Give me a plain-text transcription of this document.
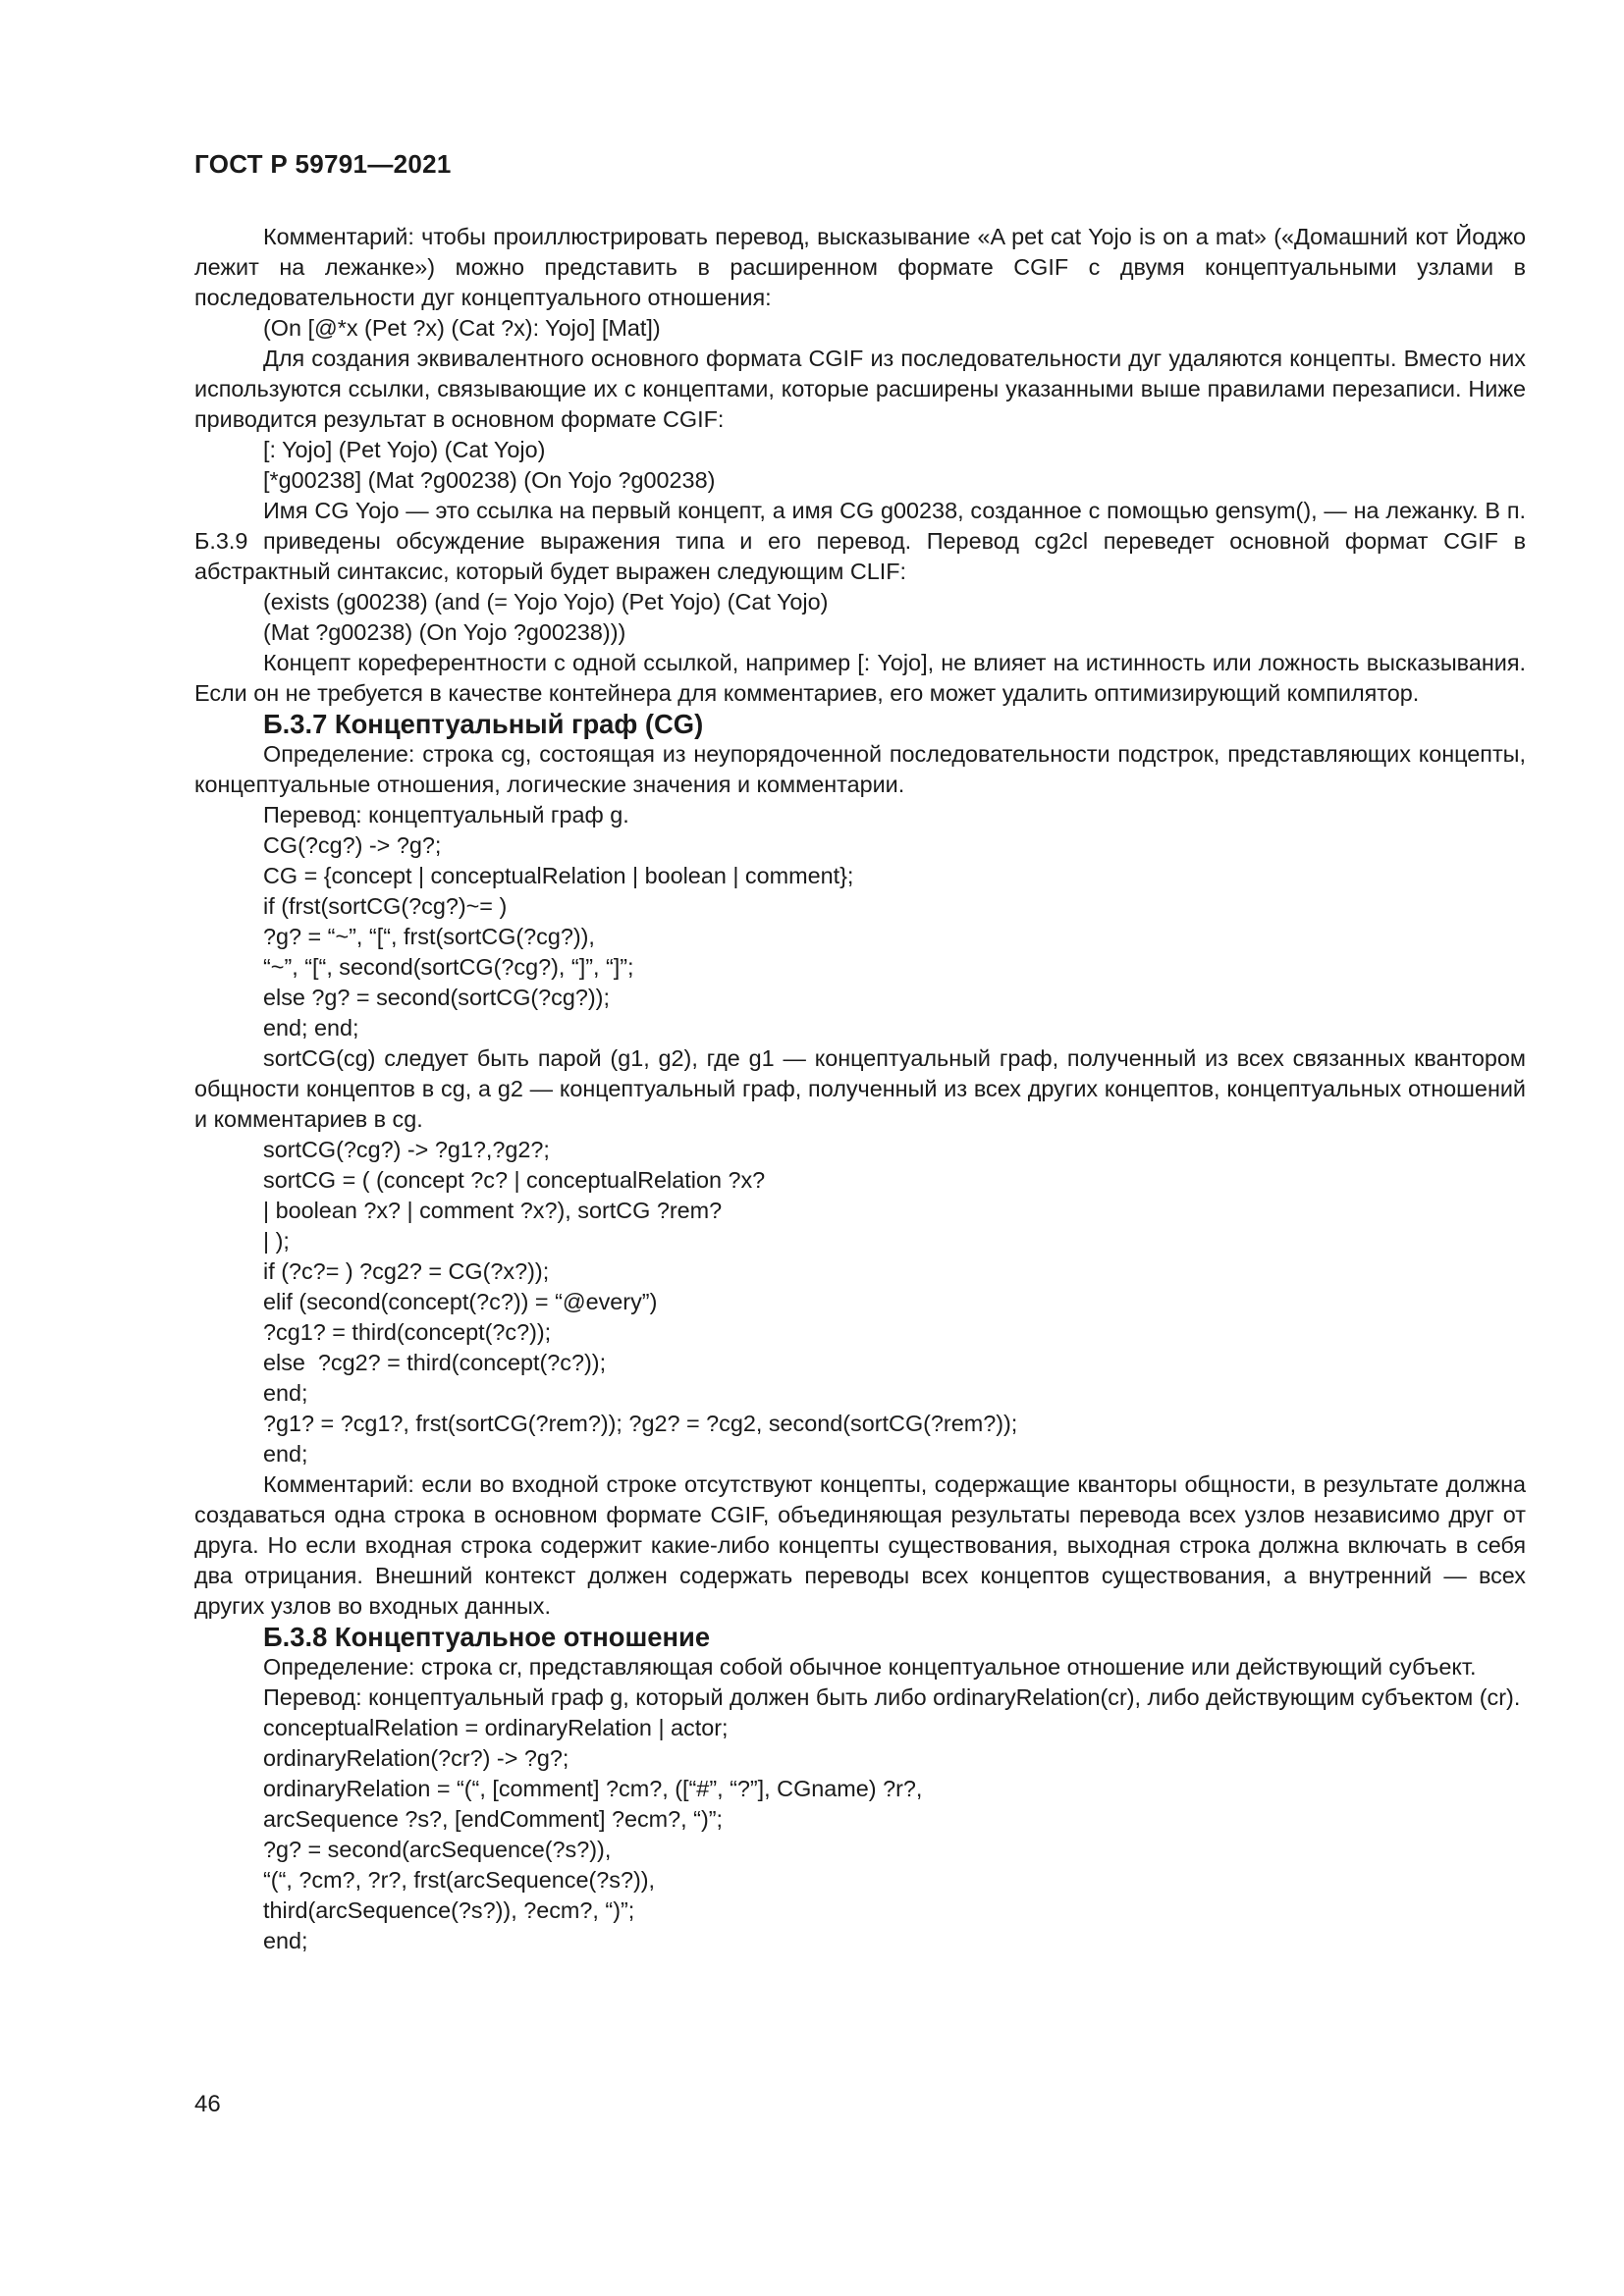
ГОСТ Р 59791—2021

Комментарий: чтобы проиллюстрировать перевод, высказывание «A pet cat Yojo is on a mat» («Домашний кот Йоджо лежит на лежанке») можно представить в расширенном формате CGIF с двумя концептуальными узлами в последовательности дуг концептуального отношения:

(On [@*x (Pet ?x) (Cat ?x): Yojo] [Mat])

Для создания эквивалентного основного формата CGIF из последовательности дуг удаляются концепты. Вместо них используются ссылки, связывающие их с концептами, которые расширены указанными выше правилами перезаписи. Ниже приводится результат в основном формате CGIF:

[: Yojo] (Pet Yojo) (Cat Yojo)

[*g00238] (Mat ?g00238) (On Yojo ?g00238)

Имя CG Yojo — это ссылка на первый концепт, а имя CG g00238, созданное с помощью gensym(), — на лежанку. В п. Б.3.9 приведены обсуждение выражения типа и его перевод. Перевод cg2cl переведет основной формат CGIF в абстрактный синтаксис, который будет выражен следующим CLIF:

(exists (g00238) (and (= Yojo Yojo) (Pet Yojo) (Cat Yojo)

(Mat ?g00238) (On Yojo ?g00238)))

Концепт кореферентности с одной ссылкой, например [: Yojo], не влияет на истинность или ложность высказывания. Если он не требуется в качестве контейнера для комментариев, его может удалить оптимизирующий компилятор.

Б.3.7 Концептуальный граф (CG)

Определение: строка cg, состоящая из неупорядоченной последовательности подстрок, представляющих концепты, концептуальные отношения, логические значения и комментарии.

Перевод: концептуальный граф g.

CG(?cg?) -> ?g?;

CG = {concept | conceptualRelation | boolean | comment};

if (frst(sortCG(?cg?)~= )

?g? = “~”, “[“, frst(sortCG(?cg?)),

“~”, “[“, second(sortCG(?cg?), “]”, “]”;

else ?g? = second(sortCG(?cg?));

end; end;

sortCG(cg) следует быть парой (g1, g2), где g1 — концептуальный граф, полученный из всех связанных квантором общности концептов в cg, а g2 — концептуальный граф, полученный из всех других концептов, концептуальных отношений и комментариев в cg.

sortCG(?cg?) -> ?g1?,?g2?;

sortCG = ( (concept ?c? | conceptualRelation ?x?

| boolean ?x? | comment ?x?), sortCG ?rem?

| );

if (?c?= ) ?cg2? = CG(?x?));

elif (second(concept(?c?)) = “@every”)

?cg1? = third(concept(?c?));

else  ?cg2? = third(concept(?c?));

end;

?g1? = ?cg1?, frst(sortCG(?rem?)); ?g2? = ?cg2, second(sortCG(?rem?));

end;

Комментарий: если во входной строке отсутствуют концепты, содержащие кванторы общности, в результате должна создаваться одна строка в основном формате CGIF, объединяющая результаты перевода всех узлов независимо друг от друга. Но если входная строка содержит какие-либо концепты существования, выходная строка должна включать в себя два отрицания. Внешний контекст должен содержать переводы всех концептов существования, а внутренний — всех других узлов во входных данных.

Б.3.8 Концептуальное отношение

Определение: строка cr, представляющая собой обычное концептуальное отношение или действующий субъект.

Перевод: концептуальный граф g, который должен быть либо ordinaryRelation(cr), либо действующим субъектом (cr).

conceptualRelation = ordinaryRelation | actor;

ordinaryRelation(?cr?) -> ?g?;

ordinaryRelation = “(“, [comment] ?cm?, ([“#”, “?”], CGname) ?r?,

arcSequence ?s?, [endComment] ?ecm?, “)”;

?g? = second(arcSequence(?s?)),

“(“, ?cm?, ?r?, frst(arcSequence(?s?)),

third(arcSequence(?s?)), ?ecm?, “)”;

end;

46
